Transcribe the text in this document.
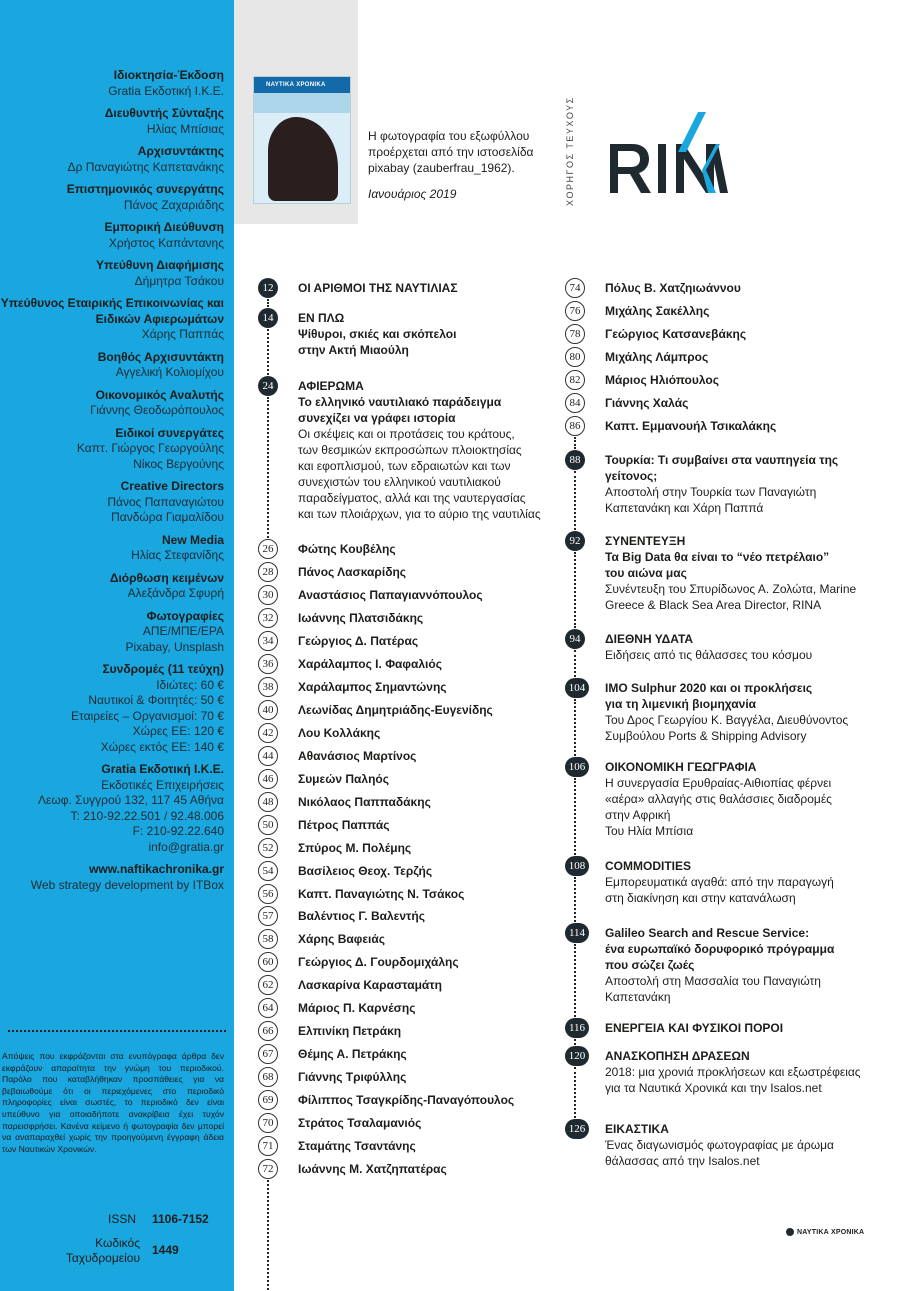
Ιδιοκτησία-Έκδοση
Gratia Εκδοτική Ι.Κ.Ε.
Διευθυντής Σύνταξης
Ηλίας Μπίσιας
Αρχισυντάκτης
Δρ Παναγιώτης Καπετανάκης
Επιστημονικός συνεργάτης
Πάνος Ζαχαριάδης
Εμπορική Διεύθυνση
Χρήστος Καπάντανης
Υπεύθυνη Διαφήμισης
Δήμητρα Τσάκου
Υπεύθυνος Εταιρικής Επικοινωνίας και Ειδικών Αφιερωμάτων
Χάρης Παππάς
Βοηθός Αρχισυντάκτη
Αγγελική Κολιομίχου
Οικονομικός Αναλυτής
Γιάννης Θεοδωρόπουλος
Ειδικοί συνεργάτες
Καπτ. Γιώργος Γεωργούλης
Νίκος Βεργούνης
Creative Directors
Πάνος Παπαναγιώτου
Πανδώρα Γιαμαλίδου
New Media
Ηλίας Στεφανίδης
Διόρθωση κειμένων
Αλεξάνδρα Σφυρή
Φωτογραφίες
ΑΠΕ/ΜΠΕ/ΕΡΑ
Pixabay, Unsplash
Συνδρομές (11 τεύχη)
Ιδιώτες: 60 €
Ναυτικοί & Φοιτητές: 50 €
Εταιρείες – Οργανισμοί: 70 €
Χώρες ΕΕ: 120 €
Χώρες εκτός ΕΕ: 140 €
Gratia Εκδοτική Ι.Κ.Ε.
Εκδοτικές Επιχειρήσεις
Λεωφ. Συγγρού 132, 117 45 Αθήνα
Τ: 210-92.22.501 / 92.48.006
F: 210-92.22.640
info@gratia.gr
www.naftikachronika.gr
Web strategy development by ITBox
Απόψεις που εκφράζονται στα ενυπόγραφα άρθρα δεν εκφράζουν απαραίτητα την γνώμη του περιοδικού. Παρόλο που καταβλήθηκαν προσπάθειες για να βεβαιωθούμε ότι οι περιεχόμενες στο περιοδικό πληροφορίες είναι σωστές, το περιοδικό δεν είναι υπεύθυνο για οποιαδήποτε ανακρίβεια έχει τυχόν παρεισφρήσει. Κανένα κείμενο ή φωτογραφία δεν μπορεί να αναπαραχθεί χωρίς την προηγούμενη έγγραφη άδεια των Ναυτικών Χρονικών.
ISSN 1106-7152
Κωδικός
Ταχυδρομείου
1449
ΝΑΥΤΙΚΑ ΧΡΟΝΙΚΑ
Η φωτογραφία του εξωφύλλου προέρχεται από την ιστοσελίδα pixabay (zauberfrau_1962).
Ιανουάριος 2019	ΧΟΡΗΓΟΣ ΤΕΥΧΟΥΣ
12	ΟΙ ΑΡΙΘΜΟΙ ΤΗΣ ΝΑΥΤΙΛΙΑΣ
14	ΕΝ ΠΛΩ
Ψίθυροι, σκιές και σκόπελοι
στην Ακτή Μιαούλη
24	ΑΦΙΕΡΩΜΑ
Το ελληνικό ναυτιλιακό παράδειγμα
συνεχίζει να γράφει ιστορία
Οι σκέψεις και οι προτάσεις του κράτους,
των θεσμικών εκπροσώπων πλοιοκτησίας
και εφοπλισμού, των εδραιωτών και των
συνεχιστών του ελληνικού ναυτιλιακού
παραδείγματος, αλλά και της ναυτεργασίας
και των πλοιάρχων, για το αύριο της ναυτιλίας
26	Φώτης Κουβέλης
28	Πάνος Λασκαρίδης
30	Αναστάσιος Παπαγιαννόπουλος
32	Ιωάννης Πλατσιδάκης
34	Γεώργιος Δ. Πατέρας
36	Χαράλαμπος Ι. Φαφαλιός
38	Χαράλαμπος Σημαντώνης
40	Λεωνίδας Δημητριάδης-Ευγενίδης
42	Λου Κολλάκης
44	Αθανάσιος Μαρτίνος
46	Συμεών Παληός
48	Νικόλαος Παππαδάκης
50	Πέτρος Παππάς
52	Σπύρος Μ. Πολέμης
54	Βασίλειος Θεοχ. Τερζής
56	Καπτ. Παναγιώτης Ν. Τσάκος
57	Βαλέντιος Γ. Βαλεντής
58	Χάρης Βαφειάς
60	Γεώργιος Δ. Γουρδομιχάλης
62	Λασκαρίνα Καρασταμάτη
64	Μάριος Π. Καρνέσης
66	Ελπινίκη Πετράκη
67	Θέμης Α. Πετράκης
68	Γιάννης Τριφύλλης
69	Φίλιππος Τσαγκρίδης-Παναγόπουλος
70	Στράτος Τσαλαμανιός
71	Σταμάτης Τσαντάνης
72	Ιωάννης Μ. Χατζηπατέρας
74	Πόλυς Β. Χατζηιωάννου
76	Μιχάλης Σακέλλης
78	Γεώργιος Κατσανεβάκης
80	Μιχάλης Λάμπρος
82	Μάριος Ηλιόπουλος
84	Γιάννης Χαλάς
86	Καπτ. Εμμανουήλ Τσικαλάκης
88	Τουρκία: Τι συμβαίνει στα ναυπηγεία της
γείτονος;
Αποστολή στην Τουρκία των Παναγιώτη
Καπετανάκη και Χάρη Παππά
92	ΣΥΝΕΝΤΕΥΞΗ
Τα Big Data θα είναι το “νέο πετρέλαιο”
του αιώνα μας
Συνέντευξη του Σπυρίδωνος Α. Ζολώτα, Marine
Greece & Black Sea Area Director, RINA
94	ΔΙΕΘΝΗ ΥΔΑΤΑ
Ειδήσεις από τις θάλασσες του κόσμου
104	IMO Sulphur 2020 και οι προκλήσεις
για τη λιμενική βιομηχανία
Του Δρος Γεωργίου Κ. Βαγγέλα, Διευθύνοντος
Συμβούλου Ports & Shipping Advisory
106	ΟΙΚΟΝΟΜΙΚΗ ΓΕΩΓΡΑΦΙΑ
Η συνεργασία Ερυθραίας-Αιθιοπίας φέρνει
«αέρα» αλλαγής στις θαλάσσιες διαδρομές
στην Αφρική
Του Ηλία Μπίσια
108	COMMODITIES
Εμπορευματικά αγαθά: από την παραγωγή
στη διακίνηση και στην κατανάλωση
114	Galileo Search and Rescue Service:
ένα ευρωπαϊκό δορυφορικό πρόγραμμα
που σώζει ζωές
Αποστολή στη Μασσαλία του Παναγιώτη
Καπετανάκη
116	ΕΝΕΡΓΕΙΑ ΚΑΙ ΦΥΣΙΚΟΙ ΠΟΡΟΙ
120	ΑΝΑΣΚΟΠΗΣΗ ΔΡΑΣΕΩΝ
2018: μια χρονιά προκλήσεων και εξωστρέφειας
για τα Ναυτικά Χρονικά και την Isalos.net
126	ΕΙΚΑΣΤΙΚΑ
Ένας διαγωνισμός φωτογραφίας με άρωμα
θάλασσας από την Isalos.net
ΝΑΥΤΙΚΑ ΧΡΟΝΙΚΑ
